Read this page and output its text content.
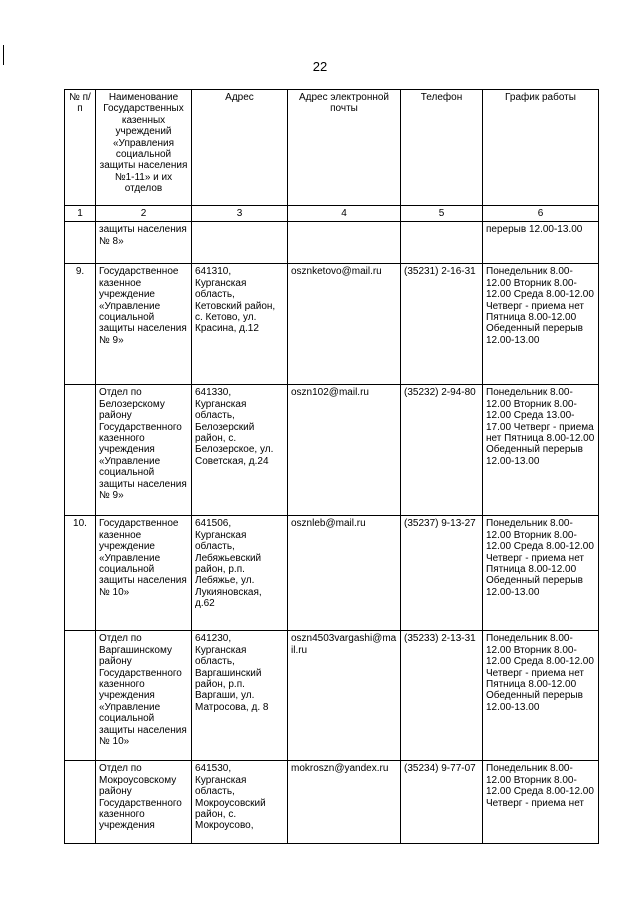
22
№ п/п	Наименование Государственных казенных учреждений «Управления социальной защиты населения №1-11» и их отделов	Адрес	Адрес электронной почты	Телефон	График работы
1	2	3	4	5	6
	защиты населения № 8»				перерыв 12.00-13.00
9.	Государственное казенное учреждение «Управление социальной защиты населения № 9»	641310, Курганская область, Кетовский район, с. Кетово, ул. Красина, д.12	osznketovo@mail.ru	(35231) 2-16-31	Понедельник 8.00-12.00 Вторник 8.00-12.00 Среда 8.00-12.00 Четверг - приема нет Пятница 8.00-12.00 Обеденный перерыв 12.00-13.00
	Отдел по Белозерскому району Государственного казенного учреждения «Управление социальной защиты населения № 9»	641330, Курганская область, Белозерский район, с. Белозерское, ул. Советская, д.24	oszn102@mail.ru	(35232) 2-94-80	Понедельник 8.00-12.00 Вторник 8.00-12.00 Среда 13.00-17.00 Четверг - приема нет Пятница 8.00-12.00 Обеденный перерыв 12.00-13.00
10.	Государственное казенное учреждение «Управление социальной защиты населения № 10»	641506, Курганская область, Лебяжьевский район, р.п. Лебяжье, ул. Лукияновская, д.62	osznleb@mail.ru	(35237) 9-13-27	Понедельник 8.00-12.00 Вторник 8.00-12.00 Среда 8.00-12.00 Четверг - приема нет Пятница 8.00-12.00 Обеденный перерыв 12.00-13.00
	Отдел по Варгашинскому району Государственного казенного учреждения «Управление социальной защиты населения № 10»	641230, Курганская область, Варгашинский район, р.п. Варгаши, ул. Матросова, д. 8	oszn4503vargashi@mail.ru	(35233) 2-13-31	Понедельник 8.00-12.00 Вторник 8.00-12.00 Среда 8.00-12.00 Четверг - приема нет Пятница 8.00-12.00 Обеденный перерыв 12.00-13.00
	Отдел по Мокроусовскому району Государственного казенного учреждения	641530, Курганская область, Мокроусовский район, с. Мокроусово,	mokroszn@yandex.ru	(35234) 9-77-07	Понедельник 8.00-12.00 Вторник 8.00-12.00 Среда 8.00-12.00 Четверг - приема нет
